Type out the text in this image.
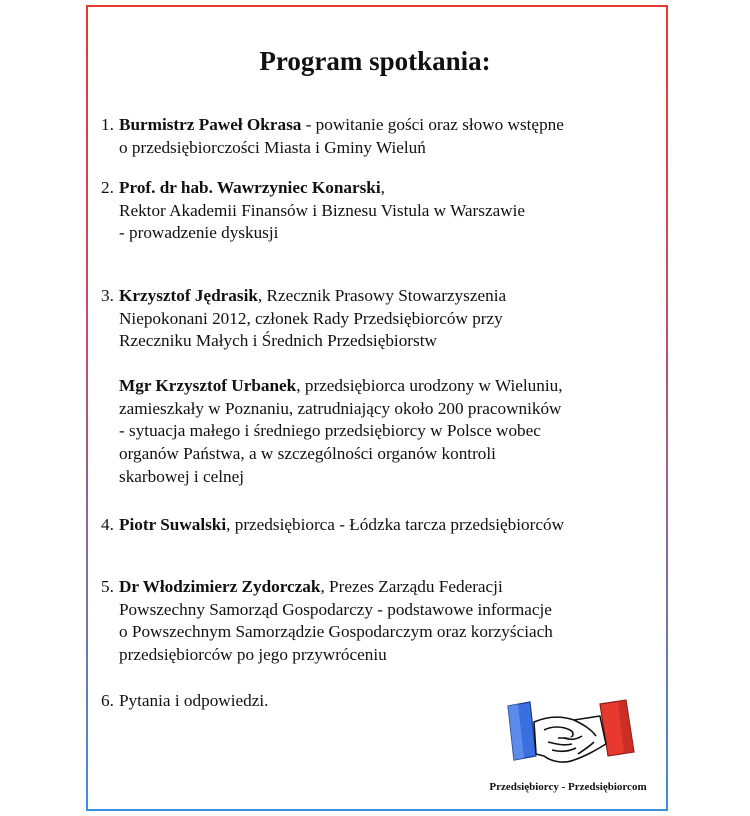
Program spotkania:
1. Burmistrz Paweł Okrasa - powitanie gości oraz słowo wstępne
o przedsiębiorczości Miasta i Gminy Wieluń
2. Prof. dr hab. Wawrzyniec Konarski,
Rektor Akademii Finansów i Biznesu Vistula w Warszawie
- prowadzenie dyskusji
3. Krzysztof Jędrasik, Rzecznik Prasowy Stowarzyszenia
Niepokonani 2012, członek Rady Przedsiębiorców przy
Rzeczniku Małych i Średnich Przedsiębiorstw
Mgr Krzysztof Urbanek, przedsiębiorca urodzony w Wieluniu,
zamieszkały w Poznaniu, zatrudniający około 200 pracowników
- sytuacja małego i średniego przedsiębiorcy w Polsce wobec
organów Państwa, a w szczególności organów kontroli
skarbowej i celnej
4. Piotr Suwalski, przedsiębiorca - Łódzka tarcza przedsiębiorców
5. Dr Włodzimierz Zydorczak, Prezes Zarządu Federacji
Powszechny Samorząd Gospodarczy - podstawowe informacje
o Powszechnym Samorządzie Gospodarczym oraz korzyściach
przedsiębiorców po jego przywróceniu
6. Pytania i odpowiedzi.
Przedsiębiorcy - Przedsiębiorcom
